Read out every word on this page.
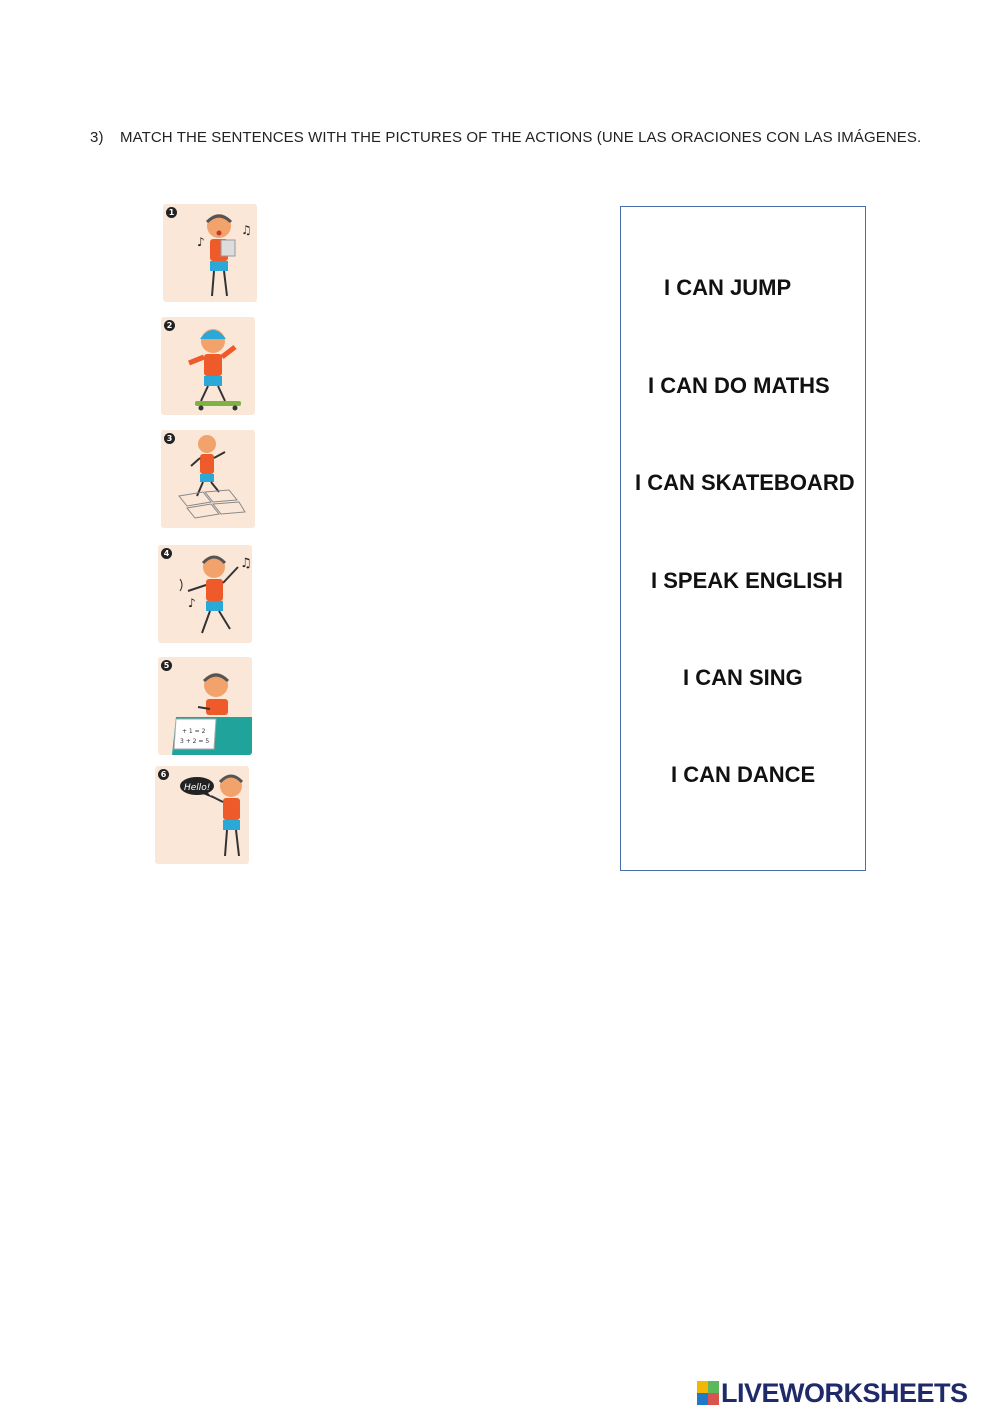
3) MATCH THE SENTENCES WITH THE PICTURES OF THE ACTIONS (UNE LAS ORACIONES CON LAS IMÁGENES.
♪
♫
1
2
3
♫
♪
4
+ 1 = 2
3 + 2 = 5
5
Hello!
6
I CAN JUMP
I CAN DO MATHS
I CAN SKATEBOARD
I SPEAK ENGLISH
I CAN SING
I CAN DANCE
LIVEWORKSHEETS
